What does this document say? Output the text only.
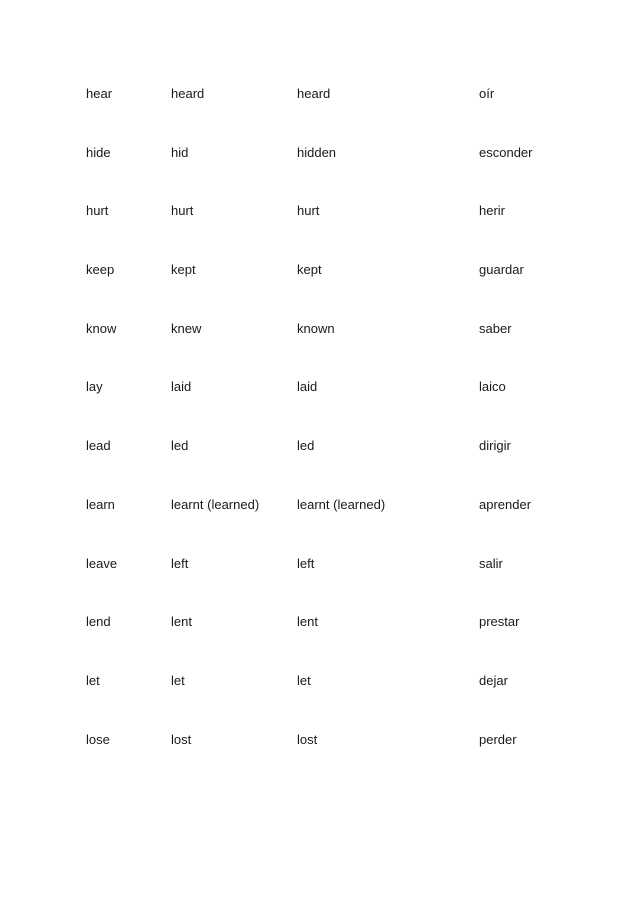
hear	heard	heard	oír
hide	hid	hidden	esconder
hurt	hurt	hurt	herir
keep	kept	kept	guardar
know	knew	known	saber
lay	laid	laid	laico
lead	led	led	dirigir
learn	learnt (learned)	learnt (learned)	aprender
leave	left	left	salir
lend	lent	lent	prestar
let	let	let	dejar
lose	lost	lost	perder
